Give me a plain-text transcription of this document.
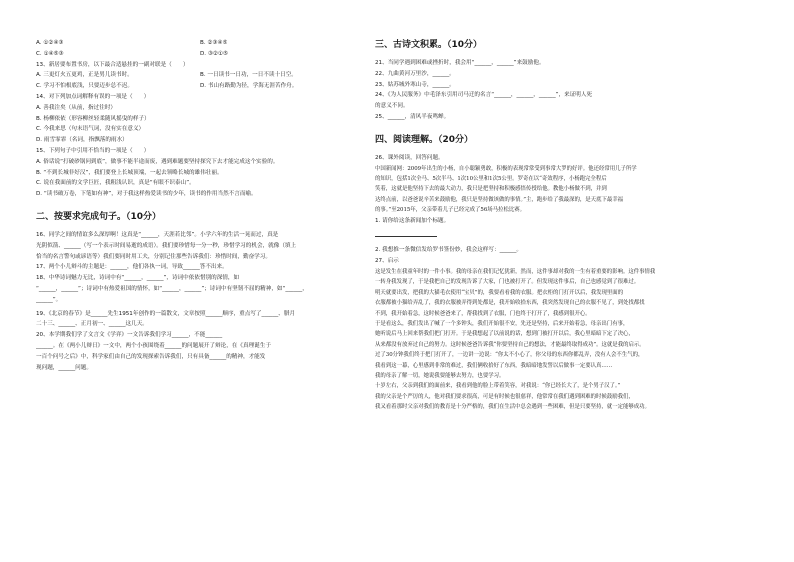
A. ①②④③	B. ②③④⑤
C. ①④⑤③	D. ③②①⑤
13、新居要布置书房，以下最合适悬挂的一副对联是（　　）
A. 三更灯火五更鸡，正是男儿读书时。	B. 一日读书一日功，一日不读十日空。
C. 学习不怕根底浅，只要迈步总不迟。	D. 书山有路勤为径，学海无涯苦作舟。
14、对下列加点词解释有误的一项是（　　）
A. 善我注矣（从前，指过往时）
B. 杨柳依依（形容柳丝轻柔随风摇曳的样子）
C. 今我来思（句末语气词，没有实在意义）
D. 雨雪霏霏（名词，指飘落的雨水）
15、下列句子中引用不恰当的一项是（　　）
A. 俗话说“打破砂锅问到底”，做事不能半途而废，遇到难题要坚持探究下去才能完成这个实验的。
B. “不到长城非好汉”，我们要登上长城顶端，一起去领略长城的雄伟壮丽。
C. 说在我面前的文学巨匠，我粗浅认识，真是“有眼不识泰山”。
D. “读书破万卷，下笔如有神”，对于我这样热爱读书的少年，读书的作用当然不言而喻。
二、按要求完成句子。（10分）
16、同学之间的情谊多么深厚啊！这真是“______，天涯若比邻”。小学六年的生活一晃而过，真是
光阴似箭、______（写一个表示时间易逝的成语）。我们要珍惜每一分一秒，珍惜学习的机会，就像（填上
恰当的名言警句或谚语等）我们要同时用工夫，分别记住那些告诉我们：珍惜时间，勤奋学习。
17、两个小儿辩斗的主题是：______，他们各执一词，导致______答不出来。
18、中华诗词魅力无比，诗词中有“______，______”，诗词中依依惜别的深情，如
“______，______”；诗词中有热爱祖国的情怀，如“______，______”；诗词中有坚韧不屈的精神，如“______，
______”。
19、《北京的春节》是______先生1951年创作的一篇散文，文章按照______顺序，重点写了______、腊月
二十三、______、正月初一、______这几天。
20、本学期我们学了文言文《学弈》一文告诉我们学习______，不能______
______。在《两小儿辩日》一文中，两个小孩围绕着______的问题展开了辩论，在《真理诞生于
一百个问号之后》中，科学家们由自己的发现探索告诉我们，只有具备______的精神，才能发
现问题，______问题。
三、古诗文积累。（10分）
21、当同学遇到困难或挫折时，我会用“______，______”来鼓励他。
22、九曲黄河万里沙，______。
23、姑苏城外寒山寺，______。
24、《为人民服务》中毛泽东引用司马迁的名言“______，______，______”，来证明人死
的意义不同。
25、______，清风半夜鸣蝉。
四、阅读理解。（20分）
26、课外阅读，回答问题。
中国新闻网：2009年出生的小杨，自小聪颖勇敢，积极的表现常常受到事常大罗的好评。他还经常用儿子所学
的知识，包括1次全马、5次半马、1次10公里和1次5公里。罗奇在以“奇效程序，小杨跑完全程后
笑着，这就是他坚持下去的最大动力，我只是把坚持和积极感悟传授给他。教他小杨做不到，并到
达终点前，以爸爸说辛苦来鼓励他，我只是坚持做该做的事情。”主，跑步给了我最深的，是天底下最幸福
的事。”至2015年，父亲带着儿子已经完成了56场马拉松比赛。
1. 请你给这条新闻加个标题。
2. 我想推一条微信发给罗书签份妙，我会这样写：______。
27、启示
这是发生在我童年时的一件小事。我的母亲在我们记忆犹新，然而，这件事却对我的一生有着重要的影响。这件事情我
一转身我发现了，于是我把自己的发现告诉了大家，门也被打开了。但发现这件事后，自己也感觉到了很难过。
明天就要出发，把我的大猫毛衣使用“宝贝”的，我要看看我的衣服。把衣柜的门打开以后，我发现里面的
衣服都被小猫给弄乱了，我的衣服被弄得到处都是，我开始收拾东西，我突然发现自己的衣服不见了，到处找都找
不到，我开始着急，这时候爸爸来了，帮我找到了衣服，门也终于打开了，我感到很开心。
于是看这么，我们发出了喊了一个多钟头，我们开始很不安，先还是坚持，后来开始着急，母亲出门有事，
她听说后马上回来帮我们把门打开。于是我想起了以前说的话，想到门被打开以后，我心里暗暗下定了决心，
从来都没有放弃过自己的努力。这时候爸爸告诉我“你要坚持自己的想法，才能最终取得成功”。这就是我的启示。
过了30分钟我们终于把门打开了，一边讲一边说：“你太不小心了，你父母的东西你都乱弄，没有人会不生气的，
我看到这一幕，心里感到非常的难过，我们俩收拾好了东西，我暗暗地发誓以后做事一定要认真……
我的母亲了解一切，她说我要能够去努力，也要学习。
十岁左右，父亲到我们的面前来，我看到他的脸上带着笑容，对我说：“你已经长大了，是个男子汉了。”
我的父亲是个严厉的人，他对我们要求很高，可是有时候也很慈祥，他常常在我们遇到困难的时候鼓励我们，
我又看着那时父亲对我们的教育是十分严格的，我们在生活中总会遇到一些困难，但是只要坚持，就一定能够成功。
